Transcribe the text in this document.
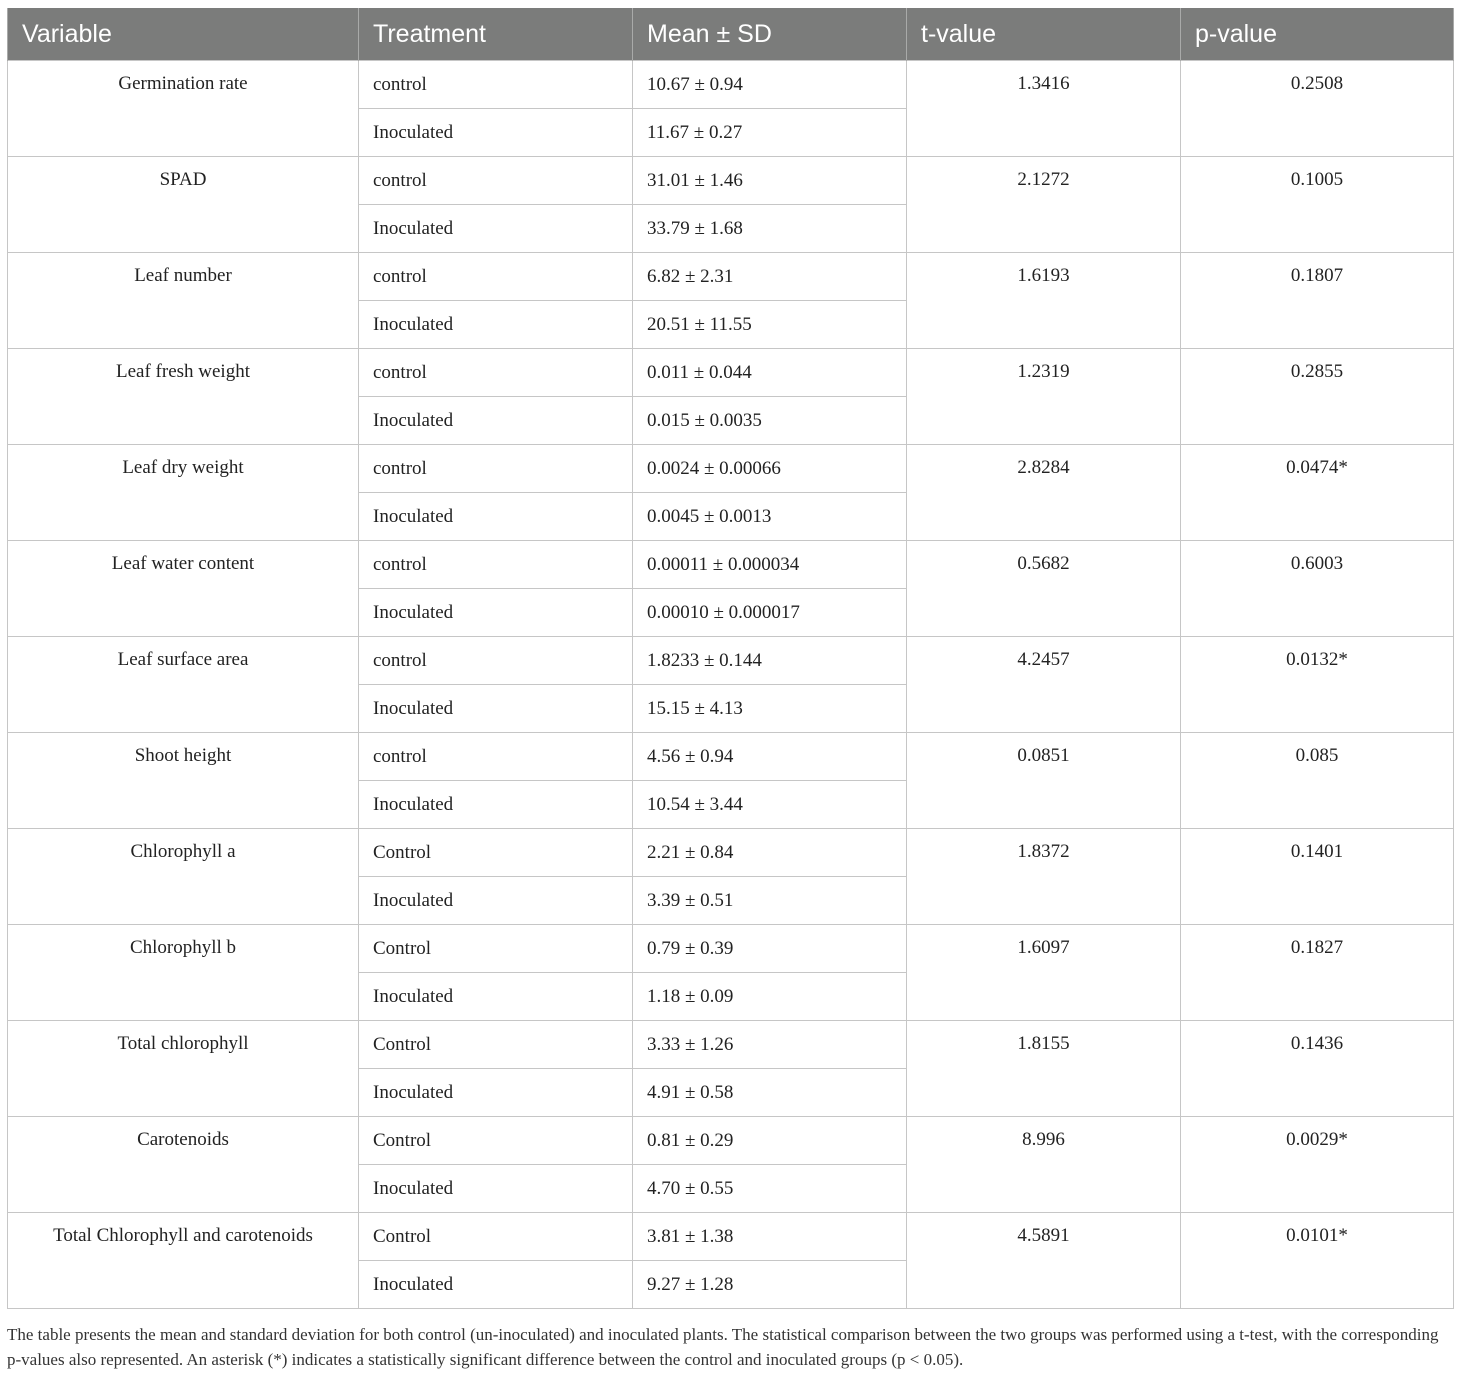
Variable	Treatment	Mean ± SD	t-value	p-value
Germination rate	control	10.67 ± 0.94	1.3416	0.2508
	Inoculated	11.67 ± 0.27		
SPAD	control	31.01 ± 1.46	2.1272	0.1005
	Inoculated	33.79 ± 1.68		
Leaf number	control	6.82 ± 2.31	1.6193	0.1807
	Inoculated	20.51 ± 11.55		
Leaf fresh weight	control	0.011 ± 0.044	1.2319	0.2855
	Inoculated	0.015 ± 0.0035		
Leaf dry weight	control	0.0024 ± 0.00066	2.8284	0.0474*
	Inoculated	0.0045 ± 0.0013		
Leaf water content	control	0.00011 ± 0.000034	0.5682	0.6003
	Inoculated	0.00010 ± 0.000017		
Leaf surface area	control	1.8233 ± 0.144	4.2457	0.0132*
	Inoculated	15.15 ± 4.13		
Shoot height	control	4.56 ± 0.94	0.0851	0.085
	Inoculated	10.54 ± 3.44		
Chlorophyll a	Control	2.21 ± 0.84	1.8372	0.1401
	Inoculated	3.39 ± 0.51		
Chlorophyll b	Control	0.79 ± 0.39	1.6097	0.1827
	Inoculated	1.18 ± 0.09		
Total chlorophyll	Control	3.33 ± 1.26	1.8155	0.1436
	Inoculated	4.91 ± 0.58		
Carotenoids	Control	0.81 ± 0.29	8.996	0.0029*
	Inoculated	4.70 ± 0.55		
Total Chlorophyll and carotenoids	Control	3.81 ± 1.38	4.5891	0.0101*
	Inoculated	9.27 ± 1.28		
The table presents the mean and standard deviation for both control (un-inoculated) and inoculated plants. The statistical comparison between the two groups was performed using a t-test, with the corresponding p-values also represented. An asterisk (*) indicates a statistically significant difference between the control and inoculated groups (p < 0.05).
